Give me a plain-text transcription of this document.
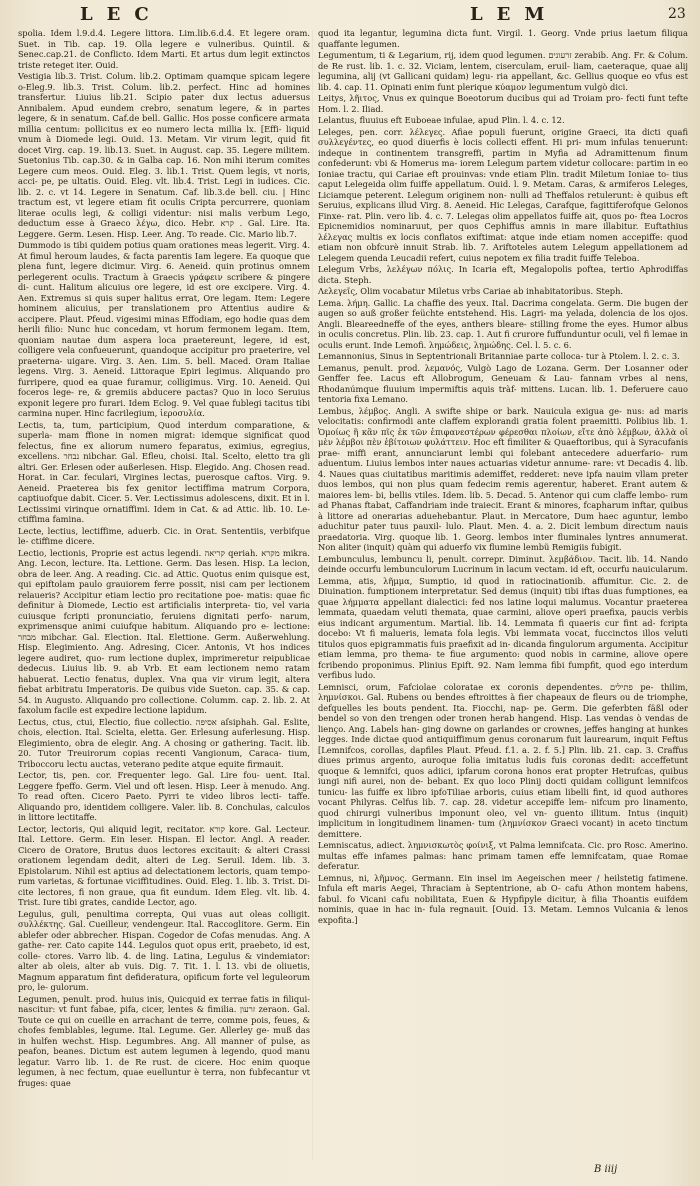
LEC	LEM	23

spolia. Idem l.9.d.4. Legere littora. Lim.lib.6.d.4. Et legere oram. Suet. in Tib. cap. 19. Olla legere e vulneribus. Quintil. & Senec.cap.21. de Conflicto. Idem Marti. Et artus dum legit extinctos triste reteget iter. Ouid.

Vestigia lib.3. Trist. Colum. lib.2. Optimam quamque spicam legere o-Eleg.9. lib.3. Trist. Colum. lib.2. perfect. Hinc ad homines transfertur. Liuius lib.21. Scipio pater dux lectus aduersus Annibalem. Apud eundem crebro, senatum legere, & in partes legere, & in senatum. Caf.de bell. Gallic. Hos posse conficere armata millia centum: pollicitus ex eo numero lecta millia lx. [Effi- liquid vnum à Diomede legi. Ouid. 13. Metam. Vir virum legit, quid fit docet Virg. cap. 19. lib.13. Suet. in August. cap. 35. Legere militem. Suetonius Tib. cap.30. & in Galba cap. 16. Non mihi iterum comites Legere cum meos. Ouid. Eleg. 3. lib.1. Trist. Quem legis, vt noris, acci- pe, pe ultatis. Ouid. Eleg. vlt. lib.4. Trist. Legi in iudices. Cic. lib. 2. c. vt 14. Legere in Senatum. Caf. lib.3.de bell. ciu. | Hinc tractum est, vt legere etiam fit oculis Cripta percurrere, quoniam literae oculis legi, & colligi videntur: nisi malis verbum Lego, deductum esse à Graeco λέγω, dico. Hebr. קרא . Gal. Lire. Ita. Leggere. Germ. Lesen. Hisp. Leer. Ang. To reade. Cic. Mario lib.7.

Dummodo is tibi quidem potius quam orationes meas legerit. Virg. 4. At fimul heroum laudes, & facta parentis Iam legere. Ea quoque que plena funt, legere dicimur. Virg. 6. Aeneid. quin protinus omnem perlegerent oculis. Tractum à Graecis γράφειν scribere & pingere di- cunt. Halitum alicuius ore legere, id est ore excipere. Virg. 4. Aen. Extremus si quis super halitus errat, Ore legam. Item: Legere hominem alicuius, per translationem pro Attentius audire & accipere. Plaut. Pfeud. vigesimi minas Effodiam, ego hodie quas dem herili filio: Nunc huc concedam, vt horum fermonem legam. Item, quoniam nautae dum aspera loca praetereunt, legere, id est, colligere vela confueuerunt, quandoque accipitur pro praeterire, vel praeterna- uigare. Virg. 3. Aen. Lim. 5. bell. Maced. Oram Italiae legens. Virg. 3. Aeneid. Littoraque Epiri legimus. Aliquando pro furripere, quod ea quae furamur, colligimus. Virg. 10. Aeneid. Qui foceros lege- re, & gremiis abducere pactas? Quo in loco Seruius exponit legere pro furari. Idem Eclog. 9. Vel quae fublegi tacitus tibi carmina nuper. Hinc facrilegium, ἱεροσυλία.

Lectis, ta, tum, participium, Quod interdum comparatione, & superla- mam ffione in nomen migrat: idemque significat quod felectus, fine ex aliorum numero feparatus, eximius, egregius, excellens. נבחר nibchar. Gal. Efleu, choisi. Ital. Scelto, eletto tra gli altri. Ger. Erlesen oder außerlesen. Hisp. Elegido. Ang. Chosen read. Horat. in Car. feculari, Virgines lectas, puerosque caftos. Virg. 9. Aeneid. Praeterea bis fex genitor lectiffima matrum Corpora, captiuofque dabit. Cicer. 5. Ver. Lectissimus adolescens, dixit. Et in l. Lectissimi virinque ornatiffimi. Idem in Cat. & ad Attic. lib. 10. Le- ctiffima famina.

Lecte, lectius, lectiffime, aduerb. Cic. in Orat. Sententiis, verbifque le- ctiffime dicere.

Lectio, lectionis, Proprie est actus legendi. קריאה qeriah. מקרא mikra. Ang. Lecon, lecture. Ita. Lettione. Germ. Das lesen. Hisp. La lecion, obra de leer. Ang. A reading. Cic. ad Attic. Quotus enim quisque est, qui epiftolam paulo grauiorem ferre possit, nisi cam per lectionem relaueris? Accipitur etiam lectio pro recitatione poe- matis: quae fic definitur à Diomede, Lectio est artificialis interpreta- tio, vel varia cuiusque fcripti pronunciatio, feruiens dignitati perfo- narum, exprimensque animi cuiufque habitum. Aliquando pro e- lectione: מבחר mibchar. Gal. Election. Ital. Elettione. Germ. Außerwehlung. Hisp. Elegimiento. Ang. Adresing, Cicer. Antonis, Vt hos indices legere audiret, quo- rum lectione duplex, imprimeretur reipublicae dedecus. Liuius lib. 9. ab Vrb. Et eam lectionem nemo ratam habuerat. Lectio fenatus, duplex. Vna qua vir virum legit, altera fiebat arbitratu Imperatoris. De quibus vide Sueton. cap. 35. & cap. 54. in Augusto. Aliquando pro collectione. Columm. cap. 2. lib. 2. At faxolum facile est expedire lectione lapidum.

Lectus, ctus, ctui, Electio, fiue collectio. אסיפה aſsiphah. Gal. Eslite, chois, election. Ital. Scielta, eletta. Ger. Erlesung auferlesung. Hisp. Elegimiento, obra de elegir. Ang. A chosing or gathering. Tacit. lib. 20. Tutor Treuirorum copias recenti Vangionum, Caraca- tium, Triboccoru lectu auctas, veterano pedite atque equite firmauit.

Lector, tis, pen. cor. Frequenter lego. Gal. Lire fou- uent. Ital. Leggere fpeffo. Germ. Viel und oft lesen. Hisp. Leer à menudo. Ang. To read often. Cicero Paeto. Pyrri te video libros lecti- taffe. Aliquando pro, identidem colligere. Valer. lib. 8. Conchulas, calculos in littore lectitaffe.

Lector, lectoris, Qui aliquid legit, recitator. קורא kore. Gal. Lecteur. Ital. Lettore. Germ. Ein leser. Hispan. El lector. Angl. A reader. Cicero de Oratore, Brutus duos lectores excitauit: & alteri Crassi orationem legendam dedit, alteri de Leg. Seruil. Idem. lib. 3. Epistolarum. Nihil est aptius ad delectationem lectoris, quam tempo- rum varietas, & fortunae viciffitudines. Ouid. Eleg. 1. lib. 3. Trist. Di- cite lectores, fi non graue, qua fit eundum. Idem Eleg. vlt. lib. 4. Trist. Iure tibi grates, candide Lector, ago.

Legulus, guli, penultima correpta, Qui vuas aut oleas colligit. συλλέκτης. Gal. Cueilleur, vendengeur. Ital. Raccoglitore. Germ. Ein ablefer oder abbrecher. Hispan. Cogedor de Cofas menudas. Ang. A gathe- rer. Cato capite 144. Legulos quot opus erit, praebeto, id est, colle- ctores. Varro lib. 4. de ling. Latina, Legulus & vindemiator: alter ab oleis, alter ab vuis. Dig. 7. Tit. 1. l. 13. vbi de oliuetis, Magnum apparatum fint defideratura, opificum forte vel leguleorum pro, le- gulorum.

Legumen, penult. prod. huius inis, Quicquid ex terrae fatis in filiqui- nascitur: vt funt fabae, pifa, cicer, lentes & fimilia. זרעון zeraon. Gal. Toute ce qui on cueille en arrachant de terre, comme pois, feues, & chofes femblables, legume. Ital. Legume. Ger. Allerley ge- muß das in hulfen wechst. Hisp. Legumbres. Ang. All manner of pulse, as peafon, beanes. Dictum est autem legumen à legendo, quod manu legatur. Varro lib. 1. de Re rust. de cicere. Hoc enim quoque legumen, à nec fectum, quae euelluntur è terra, non fubfecantur vt fruges: quae

quod ita legantur, legumina dicta funt. Virgil. 1. Georg. Vnde prius laetum filiqua quaffante legumen.

Legumentum, ti & Legarium, rij, idem quod legumen. זרעונים zerabib. Ang. Fr. & Colum. de Re rust. lib. 1. c. 32. Viciam, lentem, ciserculam, eruil- liam, caeteraque, quae alij legumina, alij (vt Gallicani quidam) legu- ria appellant, &c. Gellius quoque eo vfus est lib. 4. cap. 11. Opinati enim funt plerique κύαμον legumentum vulgò dici.

Leitys, λῆιτος, Vnus ex quinque Boeotorum ducibus qui ad Troiam pro- fecti funt tefte Hom. l. 2. Iliad.

Lelantus, fluuius eft Euboeae infulae, apud Plin. l. 4. c. 12.

Leleges, pen. corr. λέλεγες. Afiae populi fuerunt, origine Graeci, ita dicti quafi συλλεγέντες, eo quod diuerfis è locis collecti effent. Hi pri- mum infulas tenuerunt: indeque in continentem transgreffi, partim in Myfia ad Adramittenum finum confederunt: vbi & Homerus ma- iorem Lelegum partem videtur collocare: partim in eo Ioniae tractu, qui Cariae eft prouinvas: vnde etiam Plin. tradit Miletum Ioniae to- tius caput Lelegeida olim fuiffe appellatum. Ouid. l. 9. Metam. Caras, & armiferos Leleges, Liciamque peterent. Lelegum originem non- nulli ad Theffalos retulerunt: è quibus eft Seruius, explicans illud Virg. 8. Aeneid. Hic Lelegas, Carafque, fagittiferofque Gelonos Finxe- rat. Plin. vero lib. 4. c. 7. Lelegas olim appellatos fuiffe ait, quos po- ftea Locros Epicnemidios nominaruut, per quos Cephiffus amnis in mare illabitur. Euftathius λέλεγας multis ex locis conflatos exiftimat: atque inde etiam nomen accepiffe: quod etiam non obfcurè innuit Strab. lib. 7. Ariftoteles autem Lelegum appellationem ad Lelegem quenda Leucadii refert, cuius nepotem ex filia tradit fuiffe Teleboa.

Lelegum Vrbs, λελέγων πόλις. In Icaria eft, Megalopolis poftea, tertio Aphrodiffas dicta. Steph.

Λελεγεῖς, Olim vocabatur Miletus vrbs Cariae ab inhabitatoribus. Steph.

Lema. λήμη. Gallic. La chaffie des yeux. Ital. Dacrima congelata. Germ. Die bugen der augen so auß großer feüchte entstehend. His. Lagri- ma yelada, dolencia de los ojos. Angli. Bleareedneffe of the eyes, anthers bleare- stilling frome the eyes. Humor albus in oculis concretus. Plin. lib. 23. cap. 1. Aut fi crurore fuffunduntur oculi, vel fi lemae in oculis erunt. Inde Lemofi. λημώδεις, λημώδης. Cel. l. 5. c. 6.

Lemannonius, Sinus in Septentrionali Britanniae parte colloca- tur à Ptolem. l. 2. c. 3.

Lemanus, penult. prod. λεμανός, Vulgò Lago de Lozana. Germ. Der Losanner oder Genffer fee. Lacus eft Allobrogum, Geneuam & Lau- fannam vrbes al nens, Rhodanúmque fluuium impermiftis aquis tràf- mittens. Lucan. lib. 1. Deferuere cauo tentoria fixa Lemano.

Lembus, λέμβος. Angli. A swifte shipe or bark. Nauicula exigua ge- nus: ad maris velocitatis: confirmodi ante claffem explorandi gratia folent praemitti. Polibius lib. 1. Ὁμοίως ἢ κἂν πῖς ἐκ τῶν ἐπιφανεστέρων φέρεσθαι πλοίων, εἴτε ἀπὸ λέμβων, ἀλλὰ οἱ μὲν λέμβοι πὲν ἐβίτοιων φυλάττειν. Hoc eft fimiliter & Quaeftoribus, qui à Syracufanis prae- miffi erant, annunciarunt lembi qui folebant antecedere aduerfario- rum aduentum. Liuius lembos inter naues actuarias videtur annume- rare: vt Decadis 4. lib. 4. Naues quas ciuitatibus maritimis ademiffet, redderet: neve ipfa nauim vllam preter duos lembos, qui non plus quam fedecim remis agerentur, haberet. Erant autem & maiores lem- bi, bellis vtiles. Idem. lib. 5. Decad. 5. Antenor qui cum claffe lembo- rum ad Phanas ftabat, Caffandriam inde traiecit. Erant & minores, fcapharum inftar, quibus à littore ad onerarias aduehebantur. Plaut. in Mercatore, Dum haec aguntur, lembo aduchitur pater tuus pauxil- lulo. Plaut. Men. 4. a. 2. Dicit lembum directum nauis praedatoria. Virg. quoque lib. 1. Georg. lembos inter fluminales lyntres annumerat. Non aliter (inquit) quàm qui aduerfo vix flumine lembũ Remigiis fubigit.

Lembunculus, lembuncu li, penult. correpr. Diminut. λεμβάδιον. Tacit. lib. 14. Nando deinde occurfu lembunculorum Lucrinum in lacum vectam. id eft, occurfu nauicularum.

Lemma, atis, λῆμμα, Sumptio, id quod in ratiocinationib. affumitur. Cic. 2. de Diuination. fumptionem interpretatur. Sed demus (inquit) tibi iftas duas fumptiones, ea quae λήμματα appellant dialectici: fed nos latine loqui malumus. Vocantur praeterea lemmata, quaedam veluti themata, quae carmini, aliove operi praefixa, paucis verbis eius indicant argumentum. Martial. lib. 14. Lemmata fi quaeris cur fint ad- fcripta docebo: Vt fi malueris, lemata fola legis. Vbi lemmata vocat, fuccinctos illos veluti titulos quos epigrammatis fuis praefixit ad in- dicanda fingulorum argumenta. Accipitur etiam lemma, pro thema- te fiue argumento: quod nobis in carmine, aliove opere fcribendo proponimus. Plinius Epift. 92. Nam lemma fibi fumpfit, quod ego interdum verfibus ludo.

Lemnisci, orum, Fafciolae coloratae ex coronis dependentes. פתילים pe- thilim, λημνίσκοι. Gal. Rubens ou bendes eftroittes à fier chapeaux de fleurs ou de triomphe, defquelles les bouts pendent. Ita. Fiocchi, nap- pe. Germ. Die geferbten fäßl oder bendel so von den trengen oder tronen herab hangend. Hisp. Las vendas ò vendas de lienço. Ang. Labels han- ging downe on garlandes or crownes, jeffes hanging at hunkes legges. Inde dictae quod antiquiffimum genus coronarum fuit laurearum, inquit Feftus [Lemnifcos, corollas, dapfiles Plaut. Pfeud. f.1. a. 2. f. 5.] Plin. lib. 21. cap. 3. Craffus diues primus argento, auroque folia imitatus ludis fuis coronas dedit: acceffetunt quoque & lemnifci, quos adiici, ipfarum corona honos erat propter Hetrufcas, quibus iungi nifi aurei, non de- bebant. Ex quo loco Plinij docti quidam colligunt lemnifcos tunicu- las fuiffe ex libro ipfoTiliae arboris, cuius etiam libelli fint, id quod authores vocant Philyras. Celfus lib. 7. cap. 28. videtur accepiffe lem- nifcum pro linamento, quod chirurgi vulneribus imponunt oleo, vel vn- guento illitum. Intus (inquit) implicitum in longitudinem linamen- tum (λημνίσκον Graeci vocant) in aceto tinctum demittere.

Lemniscatus, adiect. λημνισκωτὸς φοίνιξ, vt Palma lemnifcata. Cic. pro Rosc. Amerino. multas effe infames palmas: hanc primam tamen effe lemnifcatam, quae Romae deferatur.

Lemnus, ni, λῆμνος. Germann. Ein insel im Aegeischen meer / heilstetig fatimene. Infula eft maris Aegei, Thraciam à Septentrione, ab O- cafu Athon montem habens, fabul. fo Vicani cafu nobilitata, Euen & Hypfipyle dicitur, à filia Thoantis euifdem nominis, quae in hac in- fula regnauit. [Ouid. 13. Metam. Lemnos Vulcania & lenos expofita.]

B iiij
